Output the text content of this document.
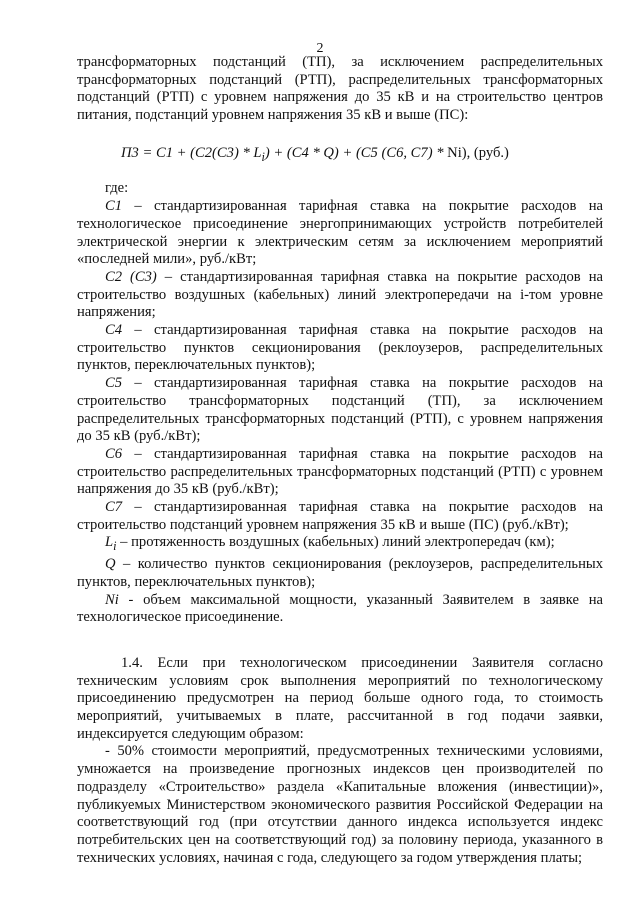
2

трансформаторных подстанций (ТП), за исключением распределительных трансформаторных подстанций (РТП), распределительных трансформаторных подстанций (РТП) с уровнем напряжения до 35 кВ и на строительство центров питания, подстанций уровнем напряжения 35 кВ и выше (ПС):

$П3 = C1 + (C2(C3) * L_i) + (C4 * Q) + (C5$ (C6, C7) * Ni), (руб.)

где:

C1 – стандартизированная тарифная ставка на покрытие расходов на технологическое присоединение энергопринимающих устройств потребителей электрической энергии к электрическим сетям за исключением мероприятий «последней мили», руб./кВт;

C2 (C3) – стандартизированная тарифная ставка на покрытие расходов на строительство воздушных (кабельных) линий электропередачи на i-том уровне напряжения;

C4 – стандартизированная тарифная ставка на покрытие расходов на строительство пунктов секционирования (реклоузеров, распределительных пунктов, переключательных пунктов);

C5 – стандартизированная тарифная ставка на покрытие расходов на строительство трансформаторных подстанций (ТП), за исключением распределительных трансформаторных подстанций (РТП), с уровнем напряжения до 35 кВ (руб./кВт);

C6 – стандартизированная тарифная ставка на покрытие расходов на строительство распределительных трансформаторных подстанций (РТП) с уровнем напряжения до 35 кВ (руб./кВт);

C7 – стандартизированная тарифная ставка на покрытие расходов на строительство подстанций уровнем напряжения 35 кВ и выше (ПС) (руб./кВт);

$L_i$ – протяженность воздушных (кабельных) линий электропередач (км);

Q – количество пунктов секционирования (реклоузеров, распределительных пунктов, переключательных пунктов);

Ni - объем максимальной мощности, указанный Заявителем в заявке на технологическое присоединение.

1.4. Если при технологическом присоединении Заявителя согласно техническим условиям срок выполнения мероприятий по технологическому присоединению предусмотрен на период больше одного года, то стоимость мероприятий, учитываемых в плате, рассчитанной в год подачи заявки, индексируется следующим образом:

- 50% стоимости мероприятий, предусмотренных техническими условиями, умножается на произведение прогнозных индексов цен производителей по подразделу «Строительство» раздела «Капитальные вложения (инвестиции)», публикуемых Министерством экономического развития Российской Федерации на соответствующий год (при отсутствии данного индекса используется индекс потребительских цен на соответствующий год) за половину периода, указанного в технических условиях, начиная с года, следующего за годом утверждения платы;
